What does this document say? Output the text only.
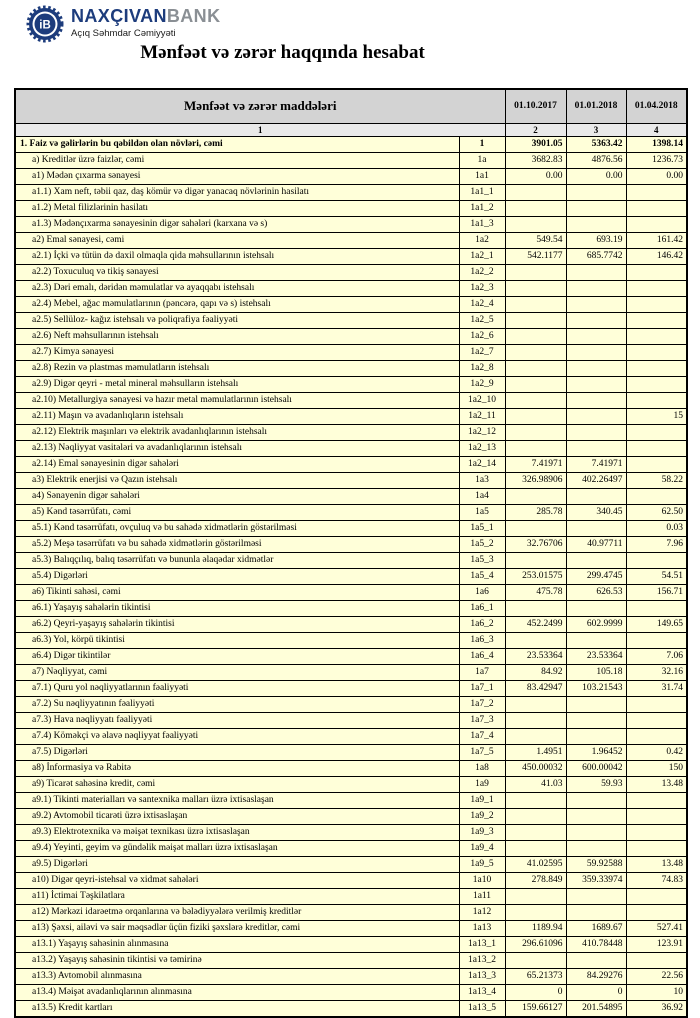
iB NAXÇIVANBANK
Açıq Səhmdar Cəmiyyəti
Mənfəət və zərər haqqında hesabat
Mənfəət və zərər maddələri		01.10.2017	01.01.2018	01.04.2018
1		2	3	4
1. Faiz və gəlirlərin bu qəbildən olan növləri, cəmi	1	3901.05	5363.42	1398.14
a) Kreditlər üzrə faizlər, cəmi	1a	3682.83	4876.56	1236.73
a1) Mədən çıxarma sənayesi	1a1	0.00	0.00	0.00
a1.1) Xam neft, təbii qaz, daş kömür və digər yanacaq növlərinin hasilatı	1a1_1			
a1.2) Metal filizlərinin hasilatı	1a1_2			
a1.3) Mədənçıxarma sənayesinin digər sahələri (karxana və s)	1a1_3			
a2) Emal sənayesi, cəmi	1a2	549.54	693.19	161.42
a2.1) İçki və tütün də daxil olmaqla qida məhsullarının istehsalı	1a2_1	542.1177	685.7742	146.42
a2.2) Toxuculuq və tikiş sənayesi	1a2_2			
a2.3) Dəri emalı, dəridən məmulatlar və ayaqqabı istehsalı	1a2_3			
a2.4) Mebel, ağac məmulatlarının (pəncərə, qapı və s) istehsalı	1a2_4			
a2.5) Sellüloz- kağız istehsalı və poliqrafiya fəaliyyəti	1a2_5			
a2.6) Neft məhsullarının istehsalı	1a2_6			
a2.7) Kimya sənayesi	1a2_7			
a2.8) Rezin və plastmas məmulatların istehsalı	1a2_8			
a2.9) Digər qeyri - metal mineral məhsulların istehsalı	1a2_9			
a2.10) Metallurgiya sənayesi və hazır metal məmulatlarının istehsalı	1a2_10			
a2.11) Maşın və avadanlıqların istehsalı	1a2_11			15
a2.12) Elektrik maşınları və elektrik avadanlıqlarının istehsalı	1a2_12			
a2.13) Nəqliyyat vasitələri və avadanlıqlarının istehsalı	1a2_13			
a2.14) Emal sənayesinin digər sahələri	1a2_14	7.41971	7.41971	
a3) Elektrik enerjisi və Qazın istehsalı	1a3	326.98906	402.26497	58.22
a4) Sənayenin digər sahələri	1a4			
a5) Kənd təsərrüfatı, cəmi	1a5	285.78	340.45	62.50
a5.1) Kənd təsərrüfatı, ovçuluq və bu sahədə xidmətlərin göstərilməsi	1a5_1			0.03
a5.2) Meşə təsərrüfatı və bu sahədə xidmətlərin göstərilməsi	1a5_2	32.76706	40.97711	7.96
a5.3) Balıqçılıq, balıq təsərrüfatı və bununla əlaqədar xidmətlər	1a5_3			
a5.4) Digərləri	1a5_4	253.01575	299.4745	54.51
a6) Tikinti sahəsi, cəmi	1a6	475.78	626.53	156.71
a6.1) Yaşayış sahələrin tikintisi	1a6_1			
a6.2) Qeyri-yaşayış sahələrin tikintisi	1a6_2	452.2499	602.9999	149.65
a6.3) Yol, körpü tikintisi	1a6_3			
a6.4) Digər tikintilər	1a6_4	23.53364	23.53364	7.06
a7) Nəqliyyat, cəmi	1a7	84.92	105.18	32.16
a7.1) Quru yol nəqliyyatlarının fəaliyyəti	1a7_1	83.42947	103.21543	31.74
a7.2) Su nəqliyyatının fəaliyyəti	1a7_2			
a7.3) Hava nəqliyyatı fəaliyyəti	1a7_3			
a7.4) Köməkçi və əlavə nəqliyyat fəaliyyəti	1a7_4			
a7.5) Digərləri	1a7_5	1.4951	1.96452	0.42
a8) İnformasiya və Rabitə	1a8	450.00032	600.00042	150
a9) Ticarət sahəsinə kredit, cəmi	1a9	41.03	59.93	13.48
a9.1) Tikinti materialları və santexnika malları üzrə ixtisaslaşan	1a9_1			
a9.2) Avtomobil ticarəti üzrə ixtisaslaşan	1a9_2			
a9.3) Elektrotexnika və məişət texnikası üzrə ixtisaslaşan	1a9_3			
a9.4) Yeyinti, geyim və gündəlik məişət malları üzrə ixtisaslaşan	1a9_4			
a9.5) Digərləri	1a9_5	41.02595	59.92588	13.48
a10) Digər qeyri-istehsal və xidmət sahələri	1a10	278.849	359.33974	74.83
a11) İctimai Təşkilatlara	1a11			
a12) Mərkəzi idarəetmə orqanlarına və bələdiyyələrə verilmiş kreditlər	1a12			
a13) Şəxsi, ailəvi və sair məqsədlər üçün fiziki şəxslərə kreditlər, cəmi	1a13	1189.94	1689.67	527.41
a13.1) Yaşayış sahəsinin alınmasına	1a13_1	296.61096	410.78448	123.91
a13.2) Yaşayış sahəsinin tikintisi və təmirinə	1a13_2			
a13.3) Avtomobil alınmasına	1a13_3	65.21373	84.29276	22.56
a13.4) Məişət avadanlıqlarının alınmasına	1a13_4	0	0	10
a13.5) Kredit kartları	1a13_5	159.66127	201.54895	36.92
